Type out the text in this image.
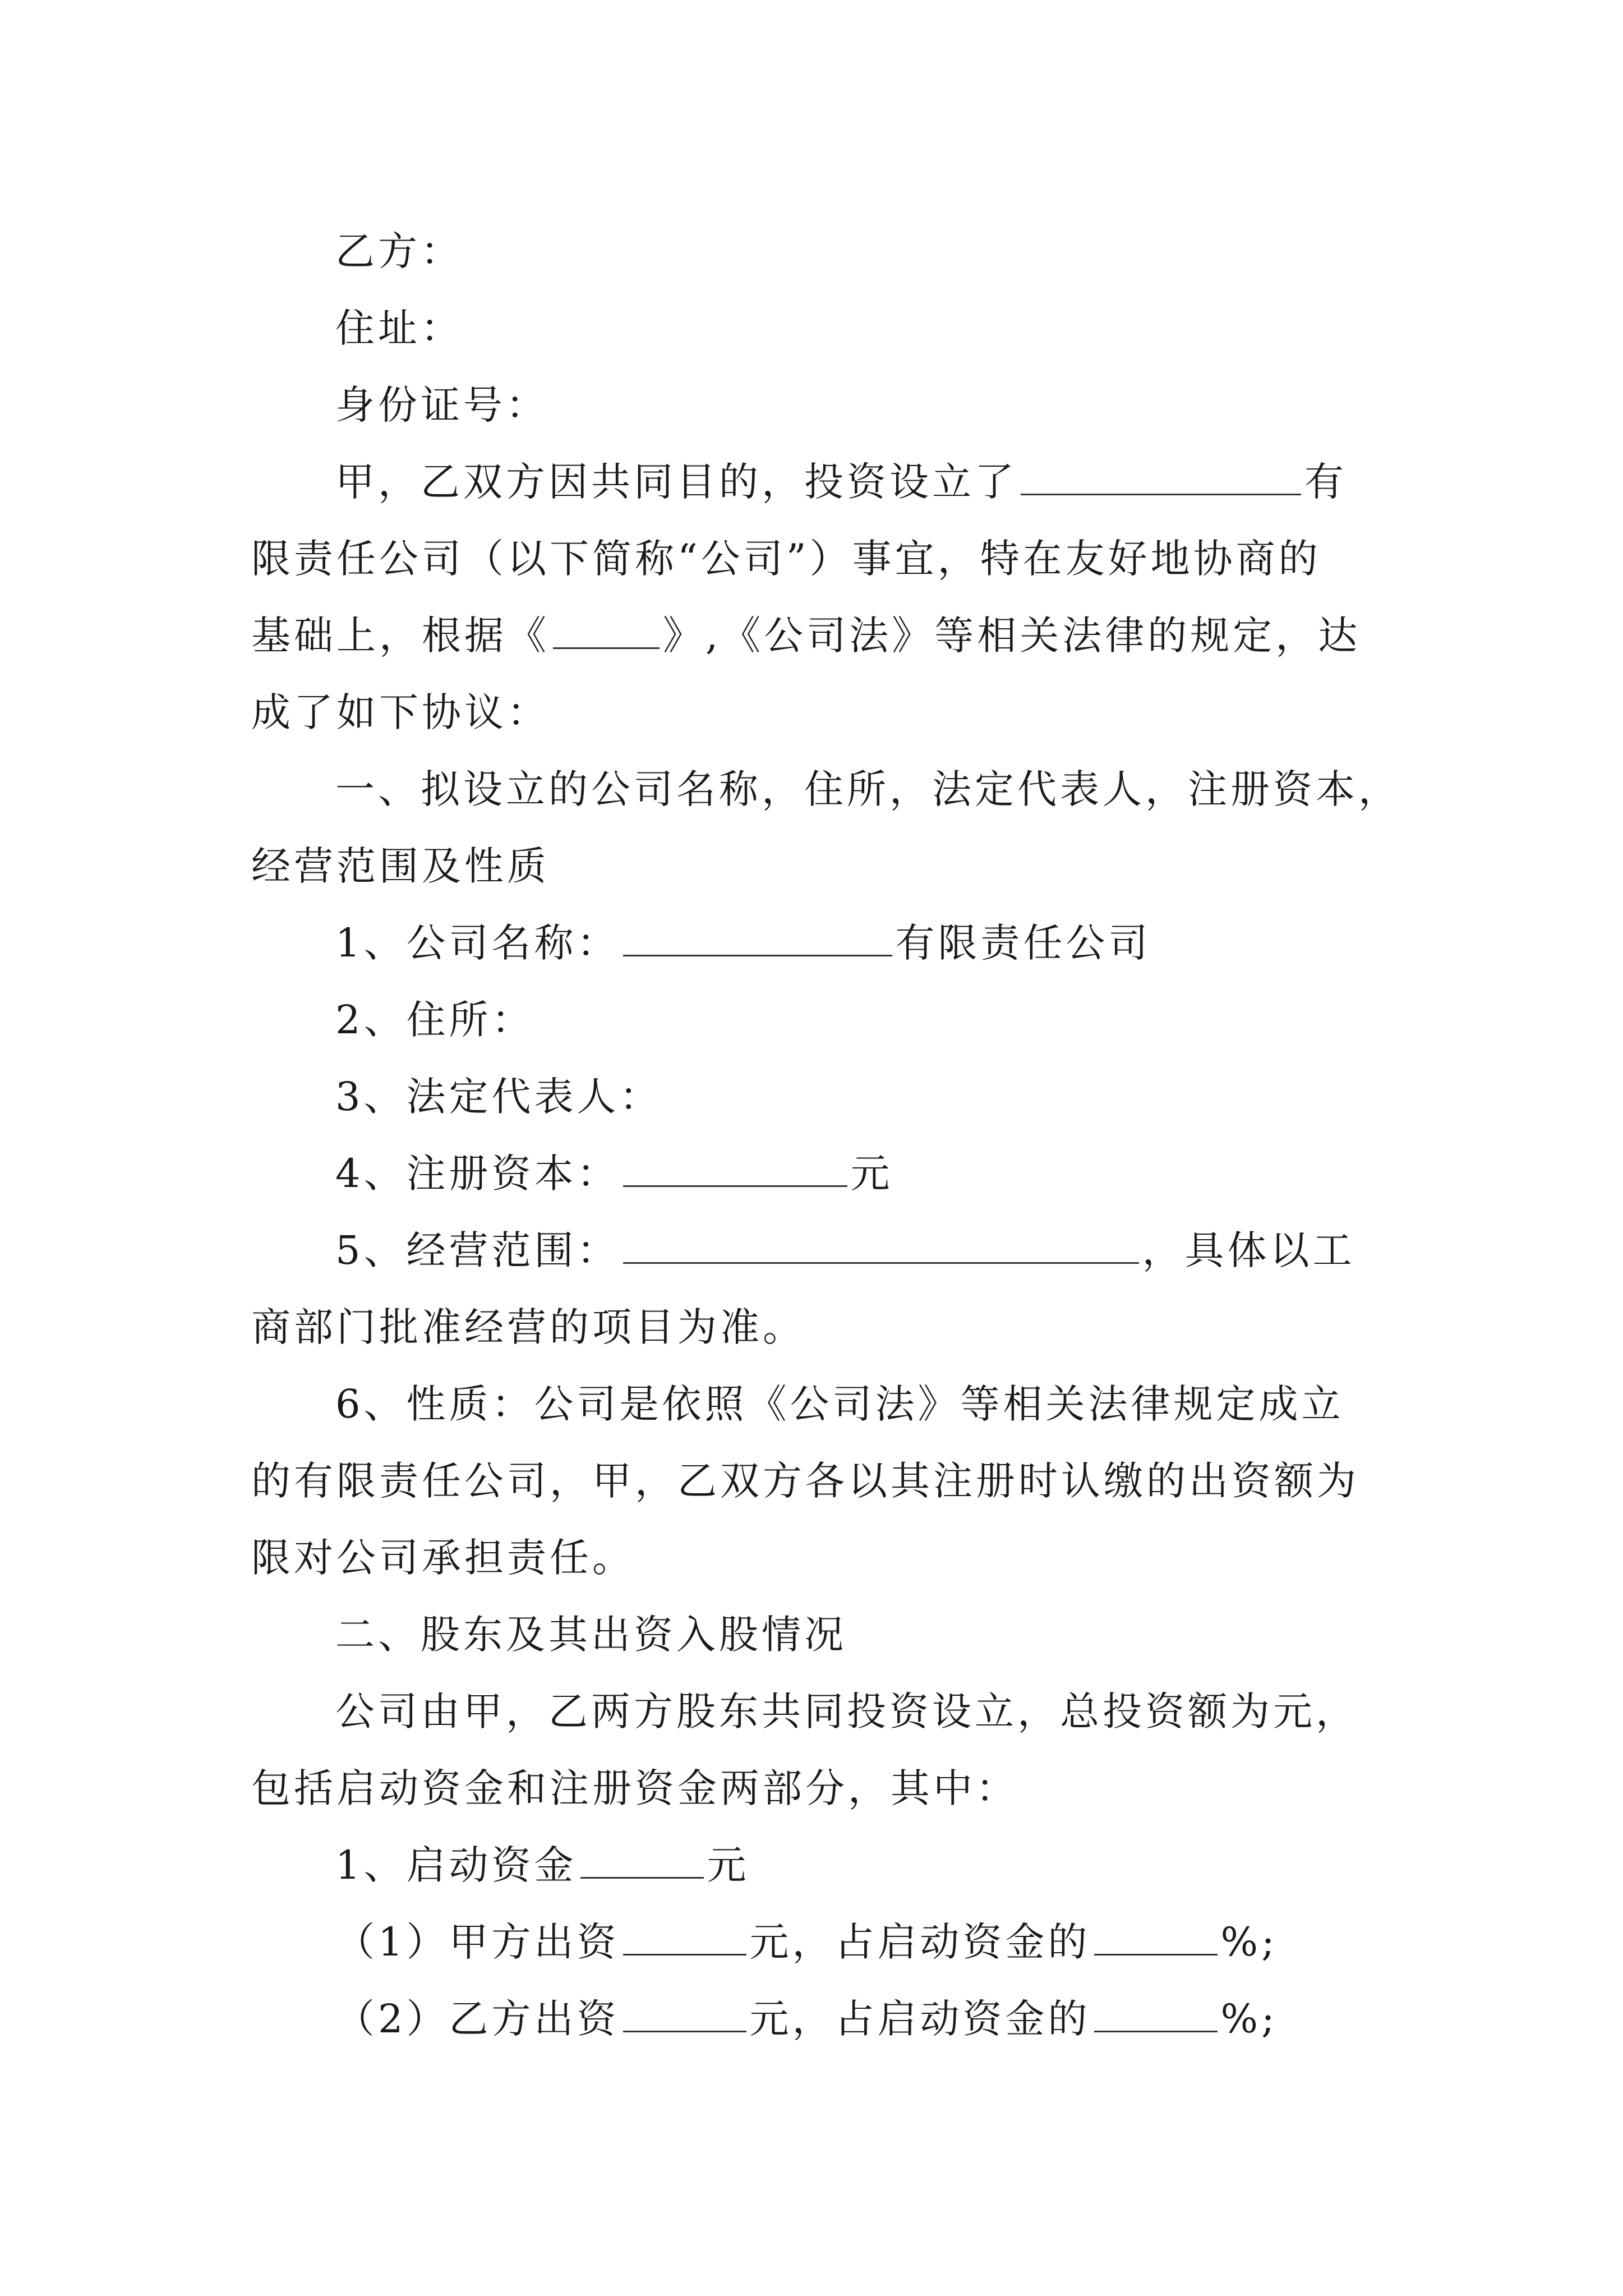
乙方：
住址：
身份证号：
甲，乙双方因共同目的，投资设立了	有
限责任公司（以下简称“公司”）事宜，特在友好地协商的
基础上，根据《	》,《公司法》等相关法律的规定，达
成了如下协议：
一、拟设立的公司名称，住所，法定代表人，注册资本，
经营范围及性质
1、公司名称：	有限责任公司
2、住所：
3、法定代表人：
4、注册资本：	元
5、经营范围：	，具体以工
商部门批准经营的项目为准。
6、性质：公司是依照《公司法》等相关法律规定成立
的有限责任公司，甲，乙双方各以其注册时认缴的出资额为
限对公司承担责任。
二、股东及其出资入股情况
公司由甲，乙两方股东共同投资设立，总投资额为元，
包括启动资金和注册资金两部分，其中：
1、启动资金	元
（1）甲方出资	元，占启动资金的	%;
（2）乙方出资	元，占启动资金的	%;
